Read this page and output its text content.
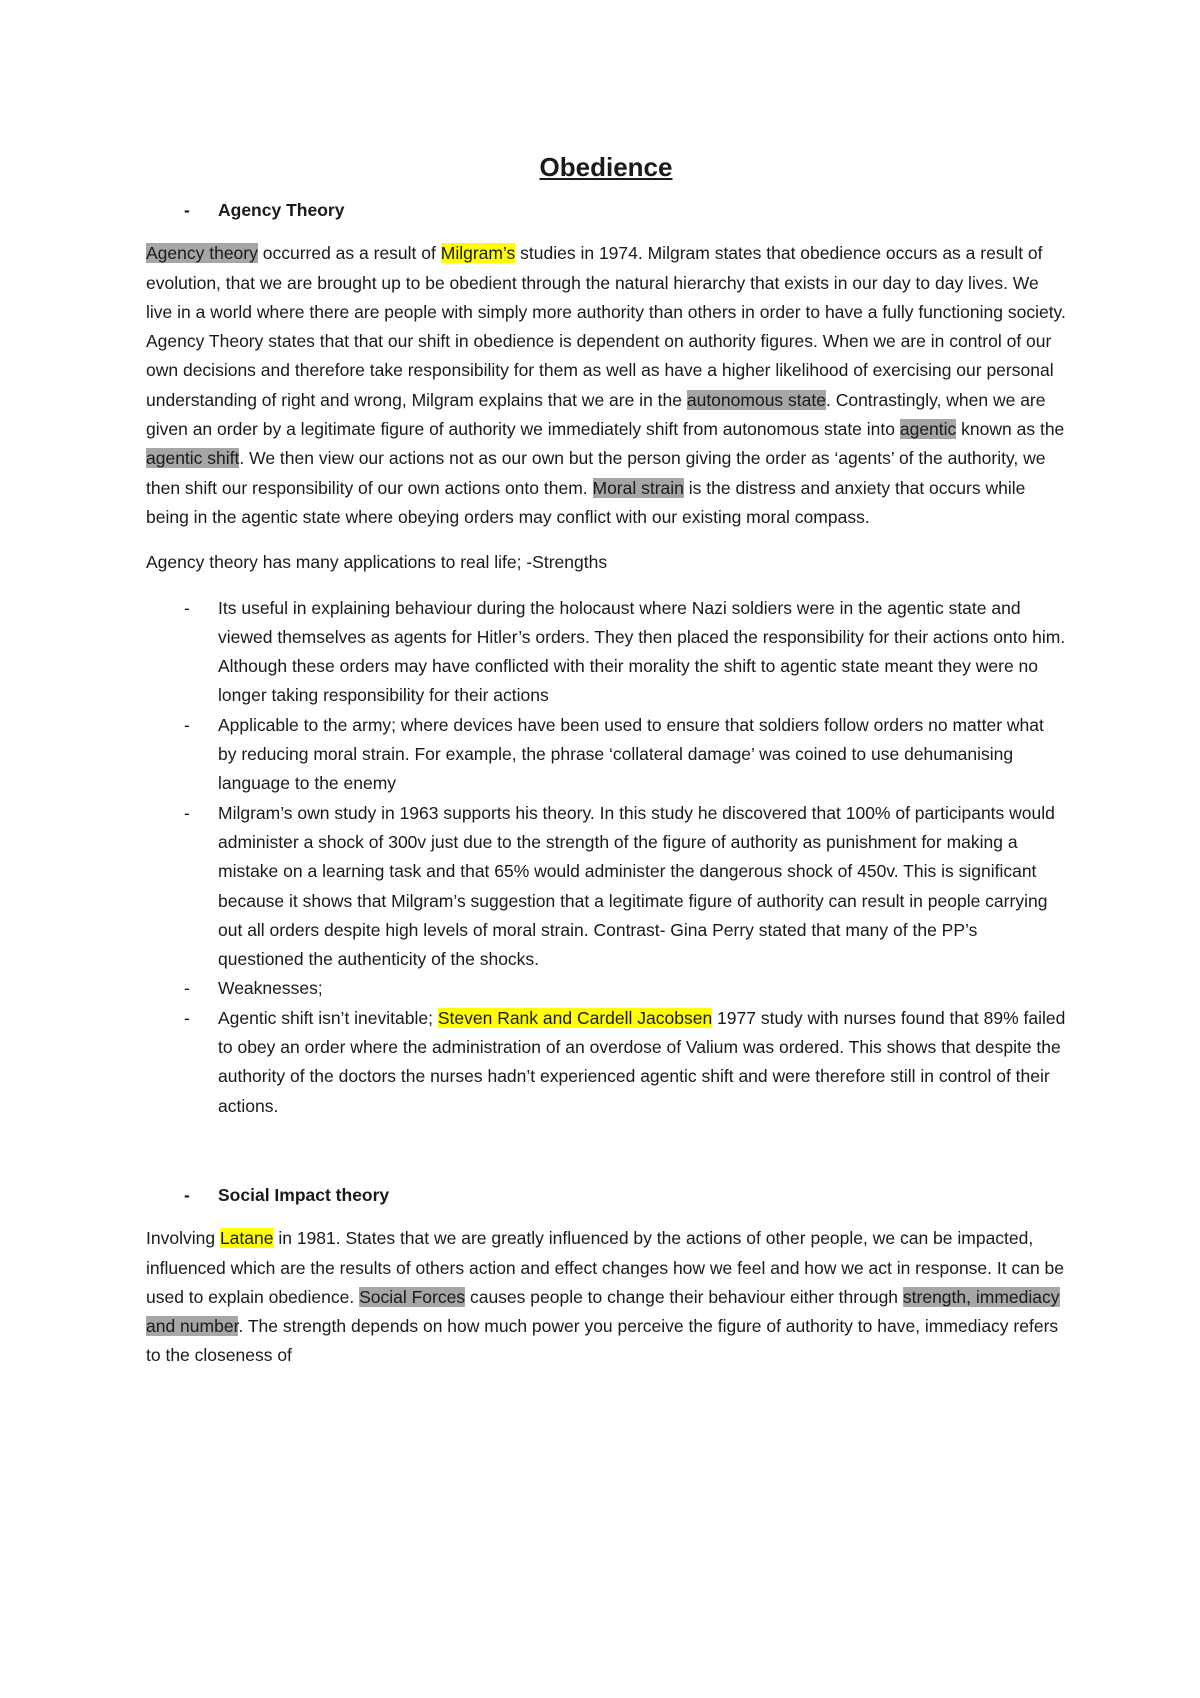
Obedience
-	Agency Theory

Agency theory occurred as a result of Milgram’s studies in 1974. Milgram states that obedience occurs as a result of evolution, that we are brought up to be obedient through the natural hierarchy that exists in our day to day lives. We live in a world where there are people with simply more authority than others in order to have a fully functioning society. Agency Theory states that that our shift in obedience is dependent on authority figures. When we are in control of our own decisions and therefore take responsibility for them as well as have a higher likelihood of exercising our personal understanding of right and wrong, Milgram explains that we are in the autonomous state. Contrastingly, when we are given an order by a legitimate figure of authority we immediately shift from autonomous state into agentic known as the agentic shift. We then view our actions not as our own but the person giving the order as ‘agents’ of the authority, we then shift our responsibility of our own actions onto them. Moral strain is the distress and anxiety that occurs while being in the agentic state where obeying orders may conflict with our existing moral compass.

Agency theory has many applications to real life; -Strengths

-	Its useful in explaining behaviour during the holocaust where Nazi soldiers were in the agentic state and viewed themselves as agents for Hitler’s orders. They then placed the responsibility for their actions onto him. Although these orders may have conflicted with their morality the shift to agentic state meant they were no longer taking responsibility for their actions
-	Applicable to the army; where devices have been used to ensure that soldiers follow orders no matter what by reducing moral strain. For example, the phrase ‘collateral damage’ was coined to use dehumanising language to the enemy
-	Milgram’s own study in 1963 supports his theory. In this study he discovered that 100% of participants would administer a shock of 300v just due to the strength of the figure of authority as punishment for making a mistake on a learning task and that 65% would administer the dangerous shock of 450v. This is significant because it shows that Milgram’s suggestion that a legitimate figure of authority can result in people carrying out all orders despite high levels of moral strain. Contrast- Gina Perry stated that many of the PP’s questioned the authenticity of the shocks.
-	Weaknesses;
-	Agentic shift isn’t inevitable; Steven Rank and Cardell Jacobsen 1977 study with nurses found that 89% failed to obey an order where the administration of an overdose of Valium was ordered. This shows that despite the authority of the doctors the nurses hadn’t experienced agentic shift and were therefore still in control of their actions.
-	Social Impact theory

Involving Latane in 1981. States that we are greatly influenced by the actions of other people, we can be impacted, influenced which are the results of others action and effect changes how we feel and how we act in response. It can be used to explain obedience. Social Forces causes people to change their behaviour either through strength, immediacy and number. The strength depends on how much power you perceive the figure of authority to have, immediacy refers to the closeness of
